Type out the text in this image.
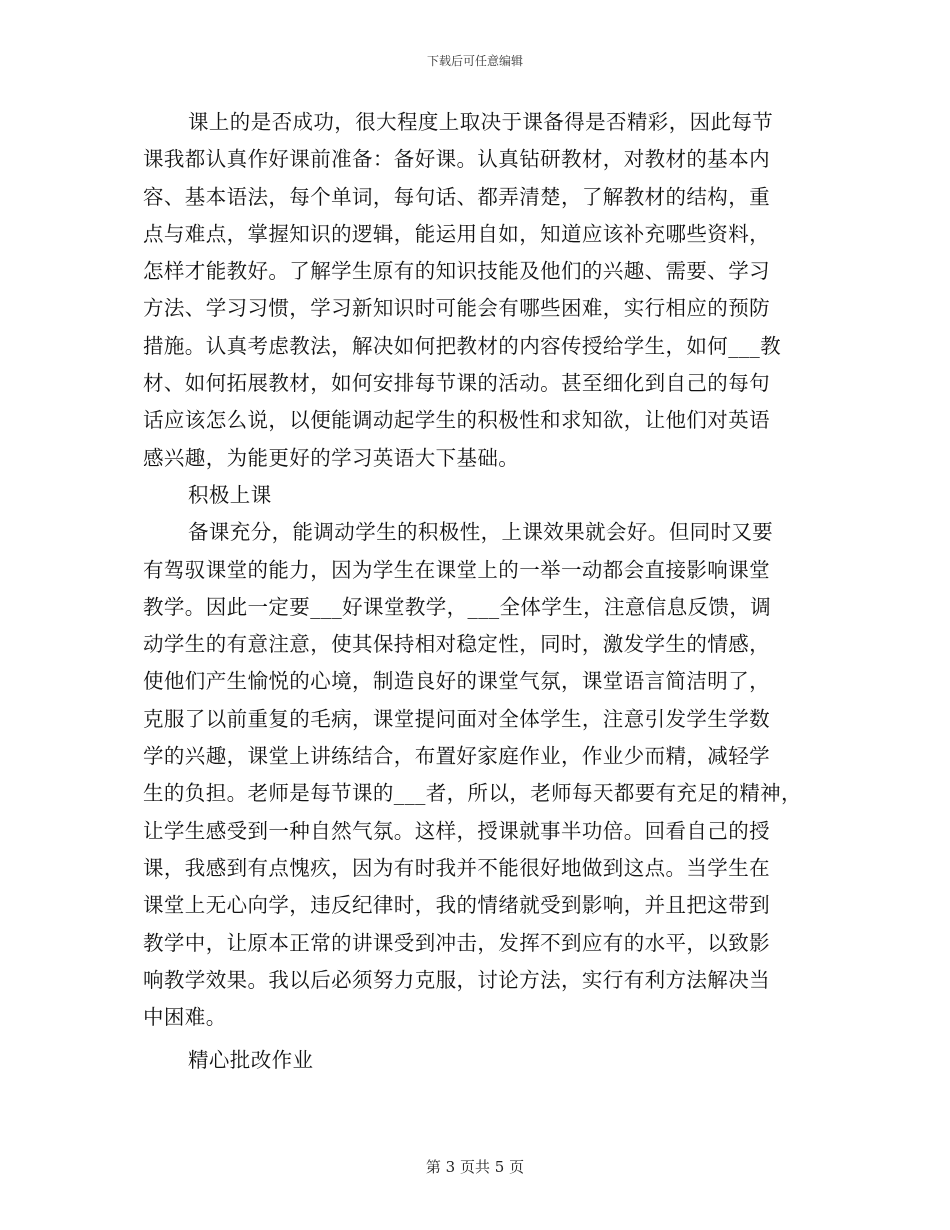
下载后可任意编辑
课上的是否成功，很大程度上取决于课备得是否精彩，因此每节
课我都认真作好课前准备：备好课。认真钻研教材，对教材的基本内
容、基本语法，每个单词，每句话、都弄清楚，了解教材的结构，重
点与难点，掌握知识的逻辑，能运用自如，知道应该补充哪些资料，
怎样才能教好。了解学生原有的知识技能及他们的兴趣、需要、学习
方法、学习习惯，学习新知识时可能会有哪些困难，实行相应的预防
措施。认真考虑教法，解决如何把教材的内容传授给学生，如何___教
材、如何拓展教材，如何安排每节课的活动。甚至细化到自己的每句
话应该怎么说，以便能调动起学生的积极性和求知欲，让他们对英语
感兴趣，为能更好的学习英语大下基础。
积极上课
备课充分，能调动学生的积极性，上课效果就会好。但同时又要
有驾驭课堂的能力，因为学生在课堂上的一举一动都会直接影响课堂
教学。因此一定要___好课堂教学，___全体学生，注意信息反馈，调
动学生的有意注意，使其保持相对稳定性，同时，激发学生的情感，
使他们产生愉悦的心境，制造良好的课堂气氛，课堂语言简洁明了，
克服了以前重复的毛病，课堂提问面对全体学生，注意引发学生学数
学的兴趣，课堂上讲练结合，布置好家庭作业，作业少而精，减轻学
生的负担。老师是每节课的___者，所以，老师每天都要有充足的精神，
让学生感受到一种自然气氛。这样，授课就事半功倍。回看自己的授
课，我感到有点愧疚，因为有时我并不能很好地做到这点。当学生在
课堂上无心向学，违反纪律时，我的情绪就受到影响，并且把这带到
教学中，让原本正常的讲课受到冲击，发挥不到应有的水平，以致影
响教学效果。我以后必须努力克服，讨论方法，实行有利方法解决当
中困难。
精心批改作业
第 3 页共 5 页
